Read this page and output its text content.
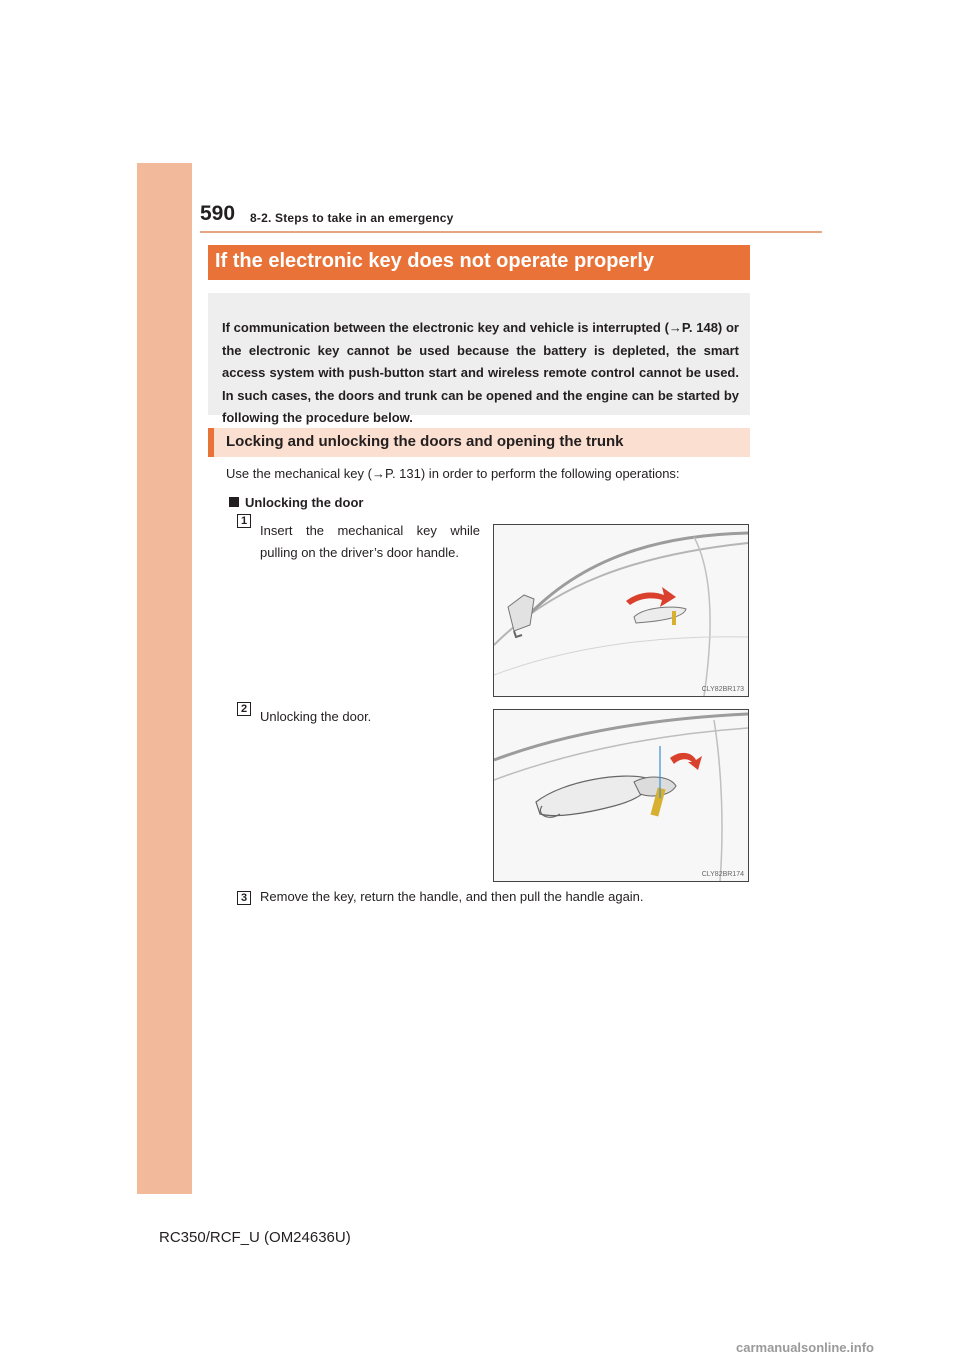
590 8-2. Steps to take in an emergency
If the electronic key does not operate properly
If communication between the electronic key and vehicle is interrupted (→P. 148) or the electronic key cannot be used because the battery is depleted, the smart access system with push-button start and wireless remote control cannot be used. In such cases, the doors and trunk can be opened and the engine can be started by following the procedure below.
Locking and unlocking the doors and opening the trunk
Use the mechanical key (→P. 131) in order to perform the following operations:
Unlocking the door
1
Insert the mechanical key while pulling on the driver’s door handle.
CLY82BR173
2 Unlocking the door.
CLY82BR174
3 Remove the key, return the handle, and then pull the handle again.
RC350/RCF_U (OM24636U)
carmanualsonline.info
